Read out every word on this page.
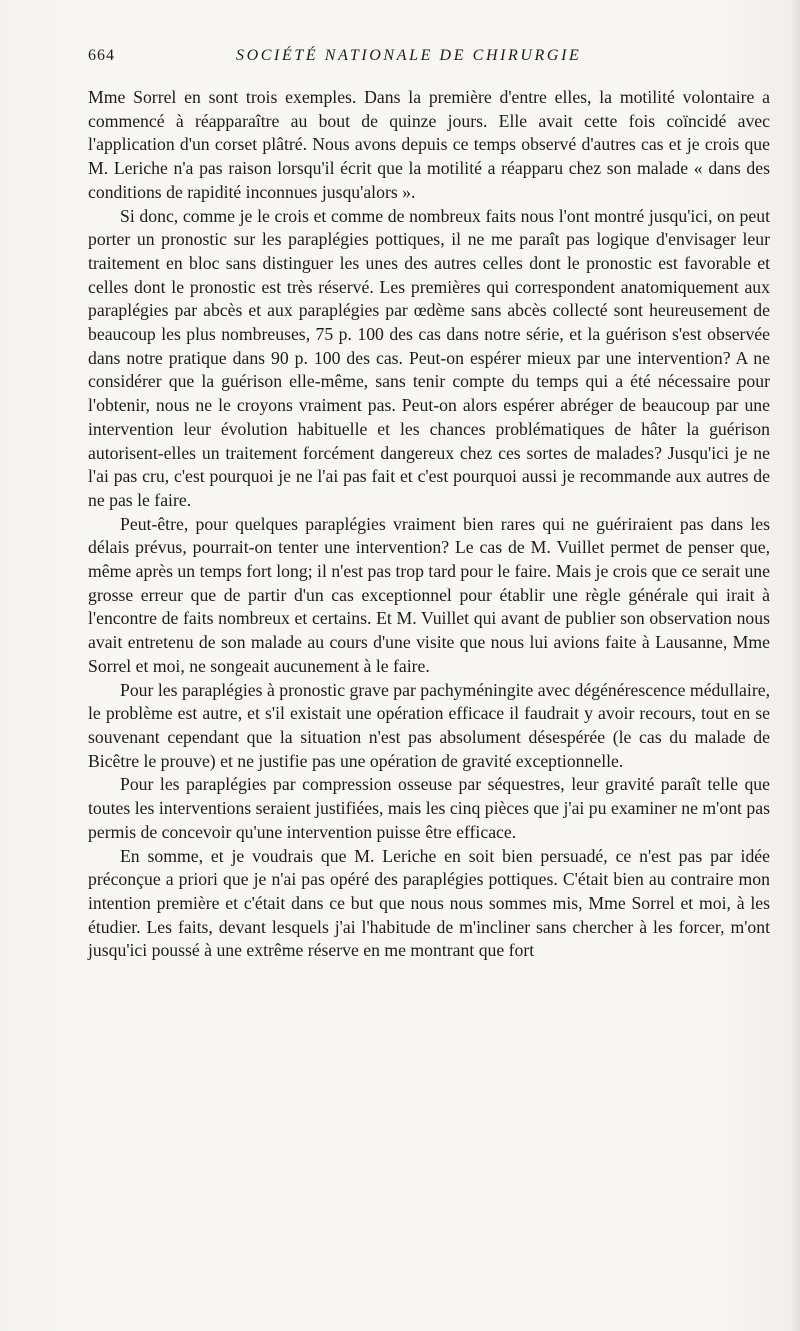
664	SOCIÉTÉ NATIONALE DE CHIRURGIE

Mme Sorrel en sont trois exemples. Dans la première d'entre elles, la motilité volontaire a commencé à réapparaître au bout de quinze jours. Elle avait cette fois coïncidé avec l'application d'un corset plâtré. Nous avons depuis ce temps observé d'autres cas et je crois que M. Leriche n'a pas raison lorsqu'il écrit que la motilité a réapparu chez son malade « dans des conditions de rapidité inconnues jusqu'alors ».

Si donc, comme je le crois et comme de nombreux faits nous l'ont montré jusqu'ici, on peut porter un pronostic sur les paraplégies pottiques, il ne me paraît pas logique d'envisager leur traitement en bloc sans distinguer les unes des autres celles dont le pronostic est favorable et celles dont le pronostic est très réservé. Les premières qui correspondent anatomiquement aux paraplégies par abcès et aux paraplégies par œdème sans abcès collecté sont heureusement de beaucoup les plus nombreuses, 75 p. 100 des cas dans notre série, et la guérison s'est observée dans notre pratique dans 90 p. 100 des cas. Peut-on espérer mieux par une intervention? A ne considérer que la guérison elle-même, sans tenir compte du temps qui a été nécessaire pour l'obtenir, nous ne le croyons vraiment pas. Peut-on alors espérer abréger de beaucoup par une intervention leur évolution habituelle et les chances problématiques de hâter la guérison autorisent-elles un traitement forcément dangereux chez ces sortes de malades? Jusqu'ici je ne l'ai pas cru, c'est pourquoi je ne l'ai pas fait et c'est pourquoi aussi je recommande aux autres de ne pas le faire.

Peut-être, pour quelques paraplégies vraiment bien rares qui ne guériraient pas dans les délais prévus, pourrait-on tenter une intervention? Le cas de M. Vuillet permet de penser que, même après un temps fort long; il n'est pas trop tard pour le faire. Mais je crois que ce serait une grosse erreur que de partir d'un cas exceptionnel pour établir une règle générale qui irait à l'encontre de faits nombreux et certains. Et M. Vuillet qui avant de publier son observation nous avait entretenu de son malade au cours d'une visite que nous lui avions faite à Lausanne, Mme Sorrel et moi, ne songeait aucunement à le faire.

Pour les paraplégies à pronostic grave par pachyméningite avec dégénérescence médullaire, le problème est autre, et s'il existait une opération efficace il faudrait y avoir recours, tout en se souvenant cependant que la situation n'est pas absolument désespérée (le cas du malade de Bicêtre le prouve) et ne justifie pas une opération de gravité exceptionnelle.

Pour les paraplégies par compression osseuse par séquestres, leur gravité paraît telle que toutes les interventions seraient justifiées, mais les cinq pièces que j'ai pu examiner ne m'ont pas permis de concevoir qu'une intervention puisse être efficace.

En somme, et je voudrais que M. Leriche en soit bien persuadé, ce n'est pas par idée préconçue a priori que je n'ai pas opéré des paraplégies pottiques. C'était bien au contraire mon intention première et c'était dans ce but que nous nous sommes mis, Mme Sorrel et moi, à les étudier. Les faits, devant lesquels j'ai l'habitude de m'incliner sans chercher à les forcer, m'ont jusqu'ici poussé à une extrême réserve en me montrant que fort
